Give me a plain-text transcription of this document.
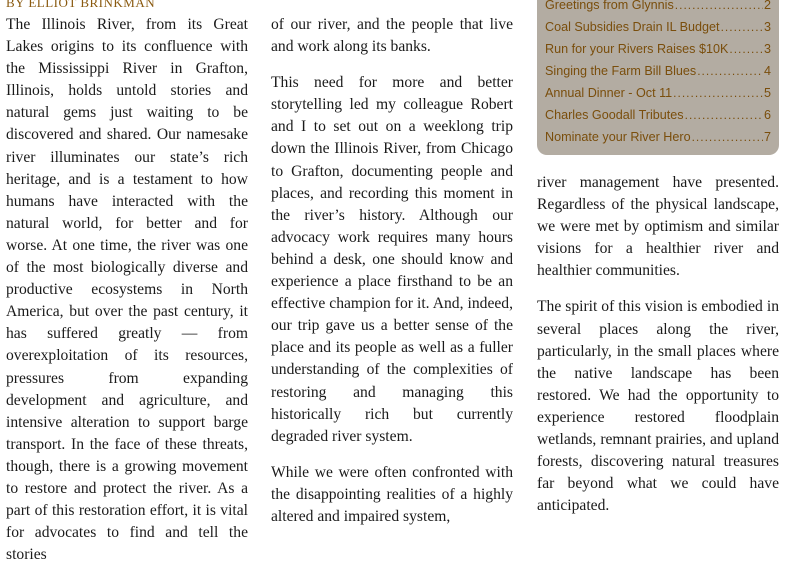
BY ELLIOT BRINKMAN

The Illinois River, from its Great Lakes origins to its confluence with the Mississippi River in Grafton, Illinois, holds untold stories and natural gems just waiting to be discovered and shared. Our namesake river illuminates our state’s rich heritage, and is a testament to how humans have interacted with the natural world, for better and for worse. At one time, the river was one of the most biologically diverse and productive ecosystems in North America, but over the past century, it has suffered greatly — from overexploitation of its resources, pressures from expanding development and agriculture, and intensive alteration to support barge transport. In the face of these threats, though, there is a growing movement to restore and protect the river. As a part of this restoration effort, it is vital for advocates to find and tell the stories

of our river, and the people that live and work along its banks.

This need for more and better storytelling led my colleague Robert and I to set out on a weeklong trip down the Illinois River, from Chicago to Grafton, documenting people and places, and recording this moment in the river’s history. Although our advocacy work requires many hours behind a desk, one should know and experience a place firsthand to be an effective champion for it. And, indeed, our trip gave us a better sense of the place and its people as well as a fuller understanding of the complexities of restoring and managing this historically rich but currently degraded river system.

While we were often confronted with the disappointing realities of a highly altered and impaired system,

Greetings from Glynnis .....	2
Coal Subsidies Drain IL Budget .....	3
Run for your Rivers Raises $10K .....	3
Singing the Farm Bill Blues .....	4
Annual Dinner - Oct 11 .....	5
Charles Goodall Tributes .....	6
Nominate your River Hero .....	7

river management have presented. Regardless of the physical landscape, we were met by optimism and similar visions for a healthier river and healthier communities.

The spirit of this vision is embodied in several places along the river, particularly, in the small places where the native landscape has been restored. We had the opportunity to experience restored floodplain wetlands, remnant prairies, and upland forests, discovering natural treasures far beyond what we could have anticipated.
